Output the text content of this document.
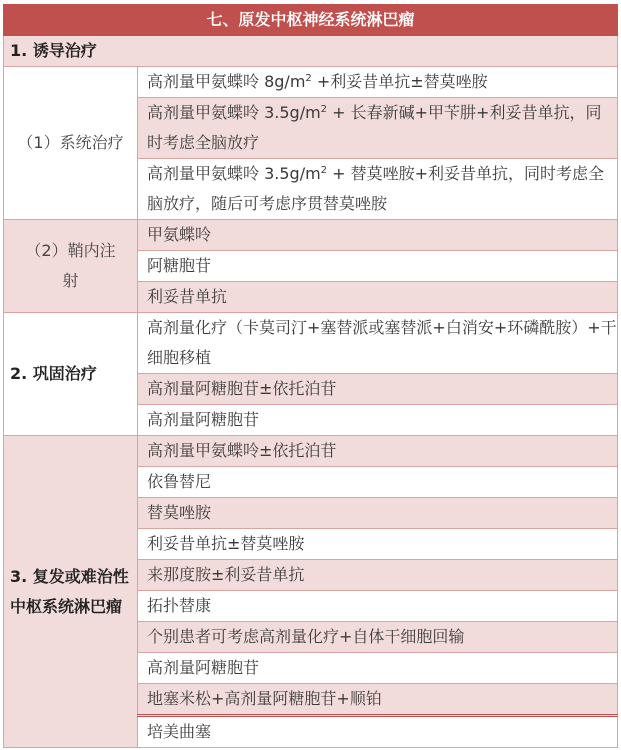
七、原发中枢神经系统淋巴瘤	
1. 诱导治疗	
（1）系统治疗	高剂量甲氨蝶呤 $8g/m^2$ +利妥昔单抗±替莫唑胺
	高剂量甲氨蝶呤 $3.5g/m^2$ + 长春新碱+甲苄肼+利妥昔单抗，同时考虑全脑放疗
	高剂量甲氨蝶呤 $3.5g/m^2$ + 替莫唑胺+利妥昔单抗，同时考虑全脑放疗，随后可考虑序贯替莫唑胺
（2）鞘内注射	甲氨蝶呤
	阿糖胞苷
	利妥昔单抗
2. 巩固治疗	高剂量化疗（卡莫司汀+塞替派或塞替派+白消安+环磷酰胺）+干细胞移植
	高剂量阿糖胞苷±依托泊苷
	高剂量阿糖胞苷
3. 复发或难治性中枢系统淋巴瘤	高剂量甲氨蝶呤±依托泊苷
	依鲁替尼
	替莫唑胺
	利妥昔单抗±替莫唑胺
	来那度胺±利妥昔单抗
	拓扑替康
	个别患者可考虑高剂量化疗+自体干细胞回输
	高剂量阿糖胞苷
	地塞米松+高剂量阿糖胞苷+顺铂
	培美曲塞
